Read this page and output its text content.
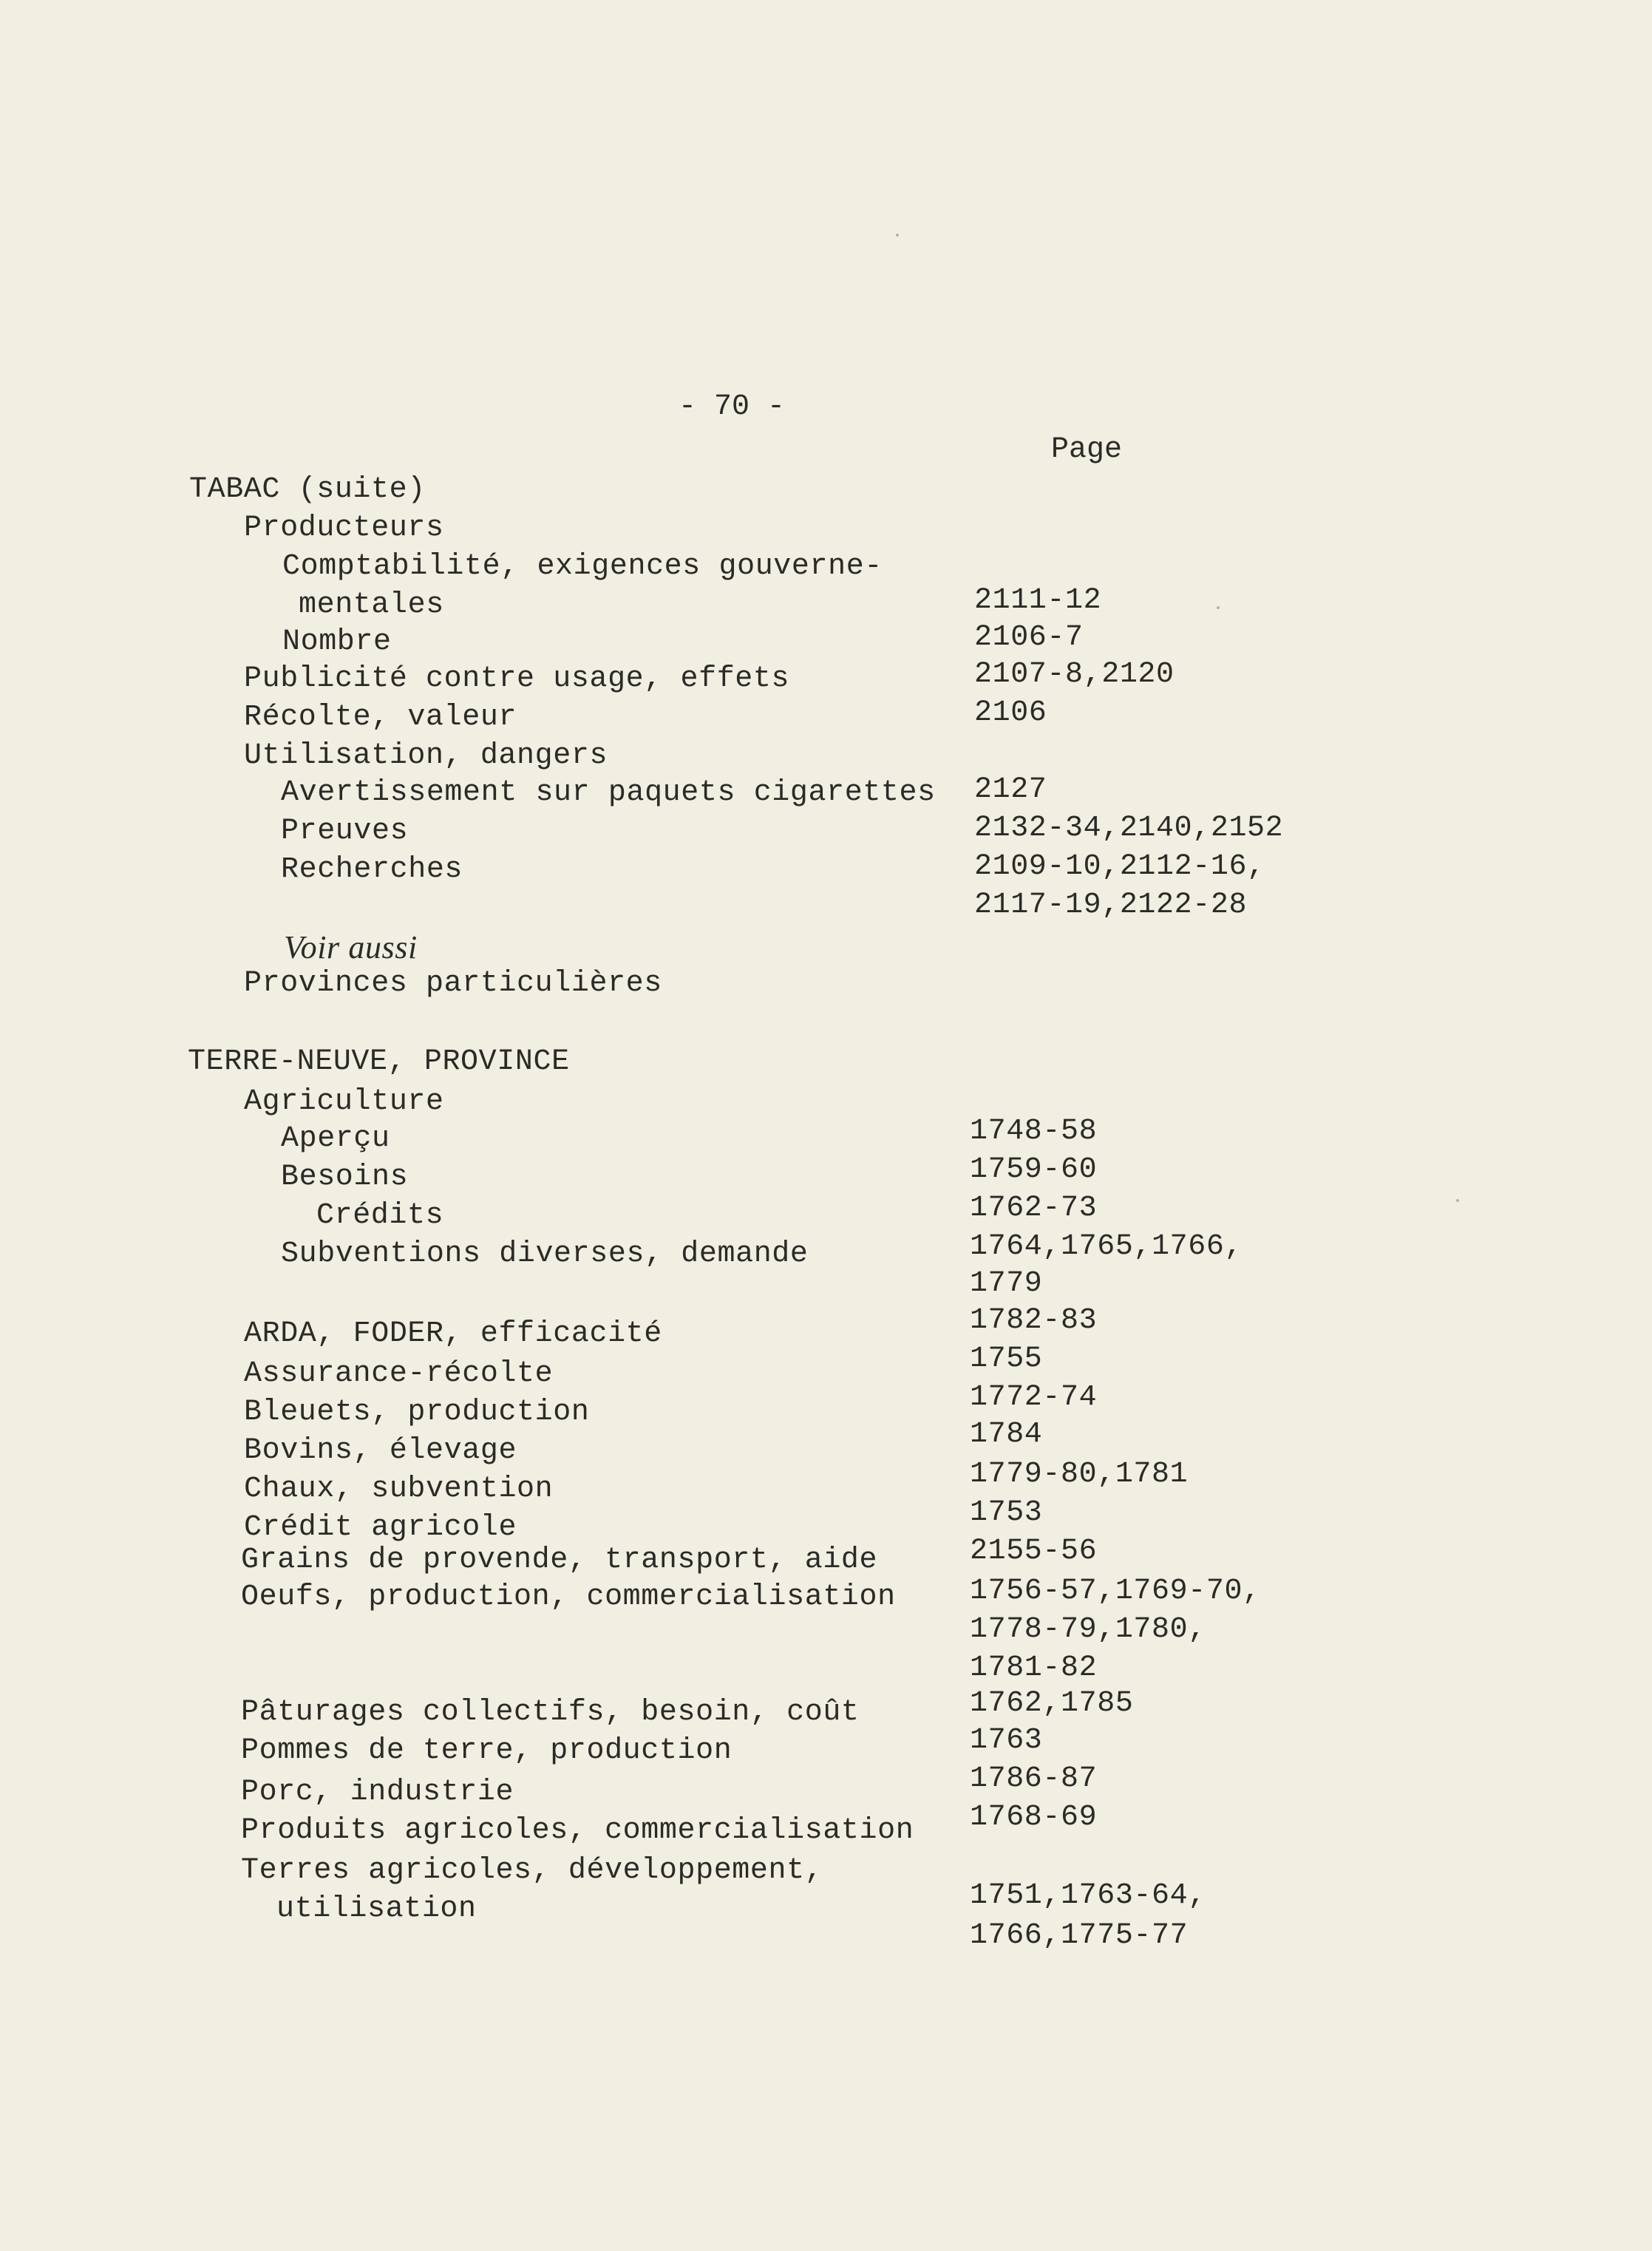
- 70 -
Page
TABAC (suite)
Producteurs
Comptabilité, exigences gouverne-
mentales	2111-12
Nombre	2106-7
Publicité contre usage, effets	2107-8,2120
Récolte, valeur	2106
Utilisation, dangers
Avertissement sur paquets cigarettes 2127
Preuves	2132-34,2140,2152
Recherches	2109-10,2112-16,
2117-19,2122-28
Voir aussi
Provinces particulières
TERRE-NEUVE, PROVINCE
Agriculture
Aperçu	1748-58
Besoins	1759-60
Crédits	1762-73
Subventions diverses, demande	1764,1765,1766,
1779
ARDA, FODER, efficacité	1782-83
Assurance-récolte	1755
Bleuets, production	1772-74
Bovins, élevage	1784
Chaux, subvention	1779-80,1781
Crédit agricole	1753
Grains de provende, transport, aide	2155-56
Oeufs, production, commercialisation	1756-57,1769-70,
1778-79,1780,
1781-82
Pâturages collectifs, besoin, coût	1762,1785
Pommes de terre, production	1763
Porc, industrie	1786-87
Produits agricoles, commercialisation 1768-69
Terres agricoles, développement,
utilisation	1751,1763-64,
1766,1775-77
